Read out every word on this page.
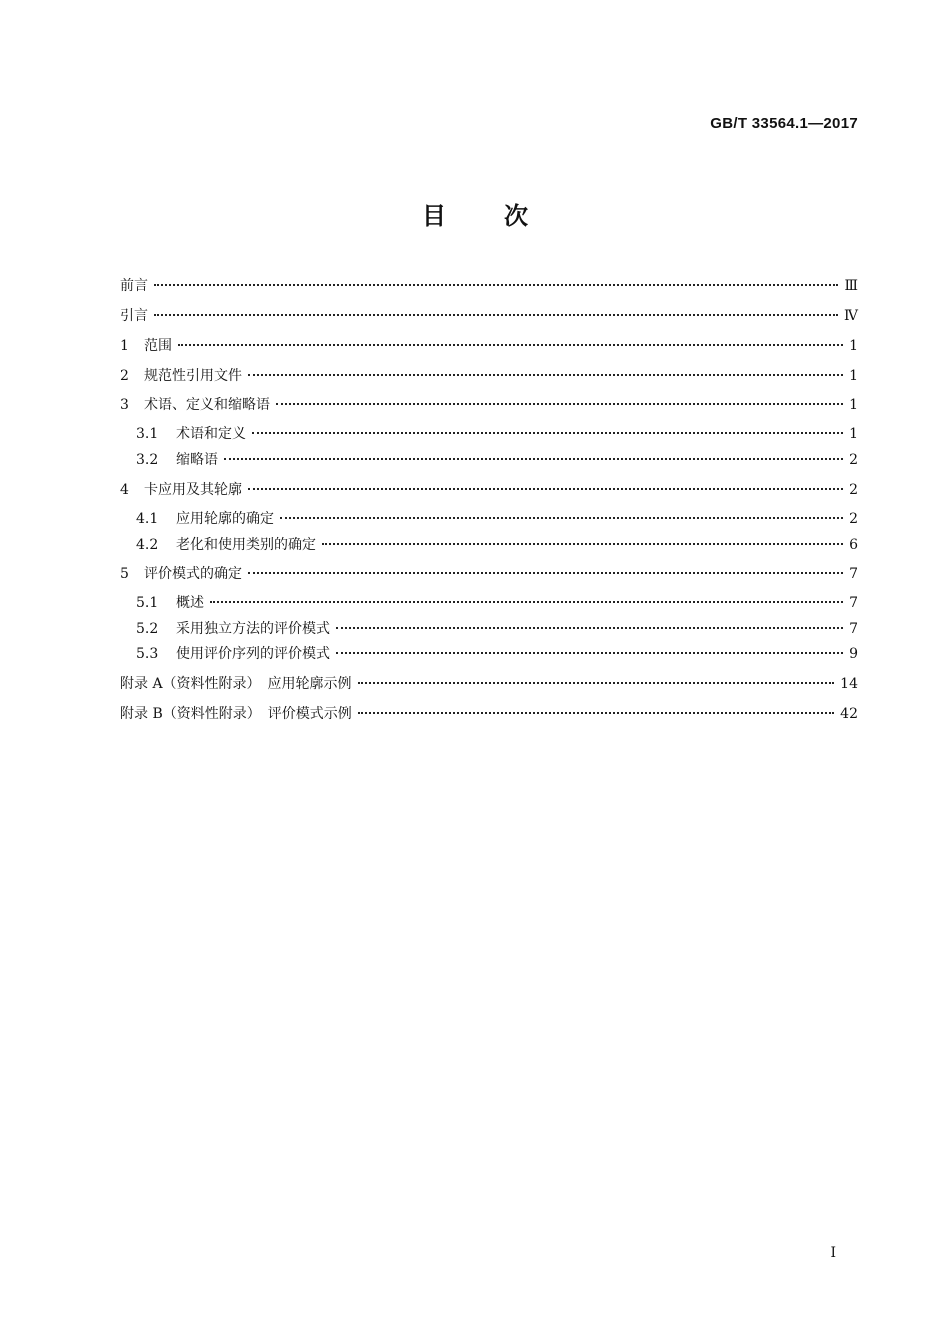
GB/T 33564.1—2017
目 次
前言	Ⅲ
引言	Ⅳ
1	范围	1
2	规范性引用文件	1
3	术语、定义和缩略语	1
3.1	术语和定义	1
3.2	缩略语	2
4	卡应用及其轮廓	2
4.1	应用轮廓的确定	2
4.2	老化和使用类别的确定	6
5	评价模式的确定	7
5.1	概述	7
5.2	采用独立方法的评价模式	7
5.3	使用评价序列的评价模式	9
附录 A（资料性附录）　应用轮廓示例	14
附录 B（资料性附录）　评价模式示例	42
I
